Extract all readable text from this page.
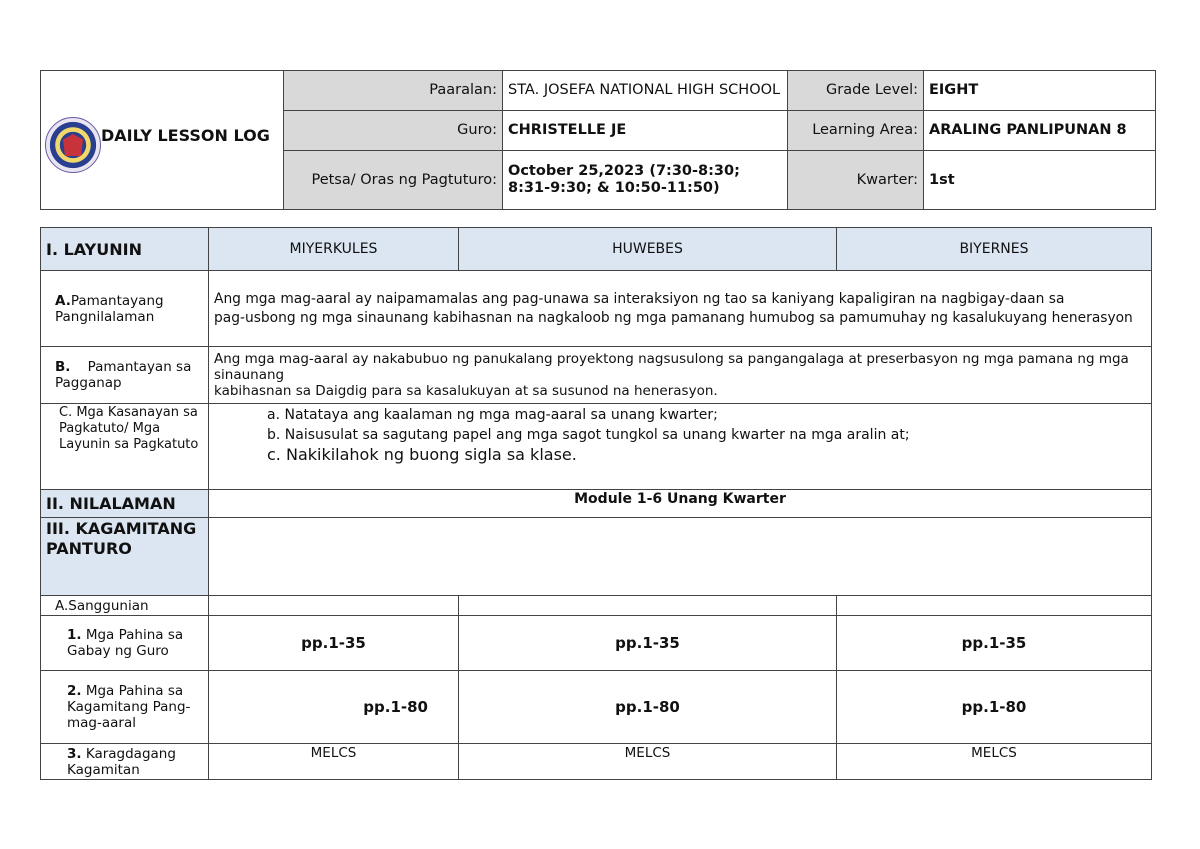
DAILY LESSON LOG	Paaralan:	STA. JOSEFA NATIONAL HIGH SCHOOL	Grade Level:	EIGHT
	Guro:	CHRISTELLE JE	Learning Area:	ARALING PANLIPUNAN 8
	Petsa/ Oras ng Pagtuturo:	October 25,2023 (7:30-8:30; 8:31-9:30; & 10:50-11:50)	Kwarter:	1st
I. LAYUNIN	MIYERKULES	HUWEBES	BIYERNES
A.Pamantayang Pangnilalaman	Ang mga mag-aaral ay naipamamalas ang pag-unawa sa interaksiyon ng tao sa kaniyang kapaligiran na nagbigay-daan sa
pag-usbong ng mga sinaunang kabihasnan na nagkaloob ng mga pamanang humubog sa pamumuhay ng kasalukuyang henerasyon		

B. Pamantayan sa Pagganap	Ang mga mag-aaral ay nakabubuo ng panukalang proyektong nagsusulong sa pangangalaga at preserbasyon ng mga pamana ng mga sinaunang
kabihasnan sa Daigdig para sa kasalukuyan at sa susunod na henerasyon.		

C. Mga Kasanayan sa Pagkatuto/ Mga Layunin sa Pagkatuto	a. Natataya ang kaalaman ng mga mag-aaral sa unang kwarter;
b. Naisusulat sa sagutang papel ang mga sagot tungkol sa unang kwarter na mga aralin at;
c. Nakikilahok ng buong sigla sa klase.		

II. NILALAMAN	Module 1-6 Unang Kwarter		
III. KAGAMITANG PANTURO			
A.Sanggunian			
1. Mga Pahina sa Gabay ng Guro	pp.1-35	pp.1-35	pp.1-35
2. Mga Pahina sa Kagamitang Pang-mag-aaral	pp.1-80	pp.1-80	pp.1-80
3. Karagdagang Kagamitan	MELCS	MELCS	MELCS
